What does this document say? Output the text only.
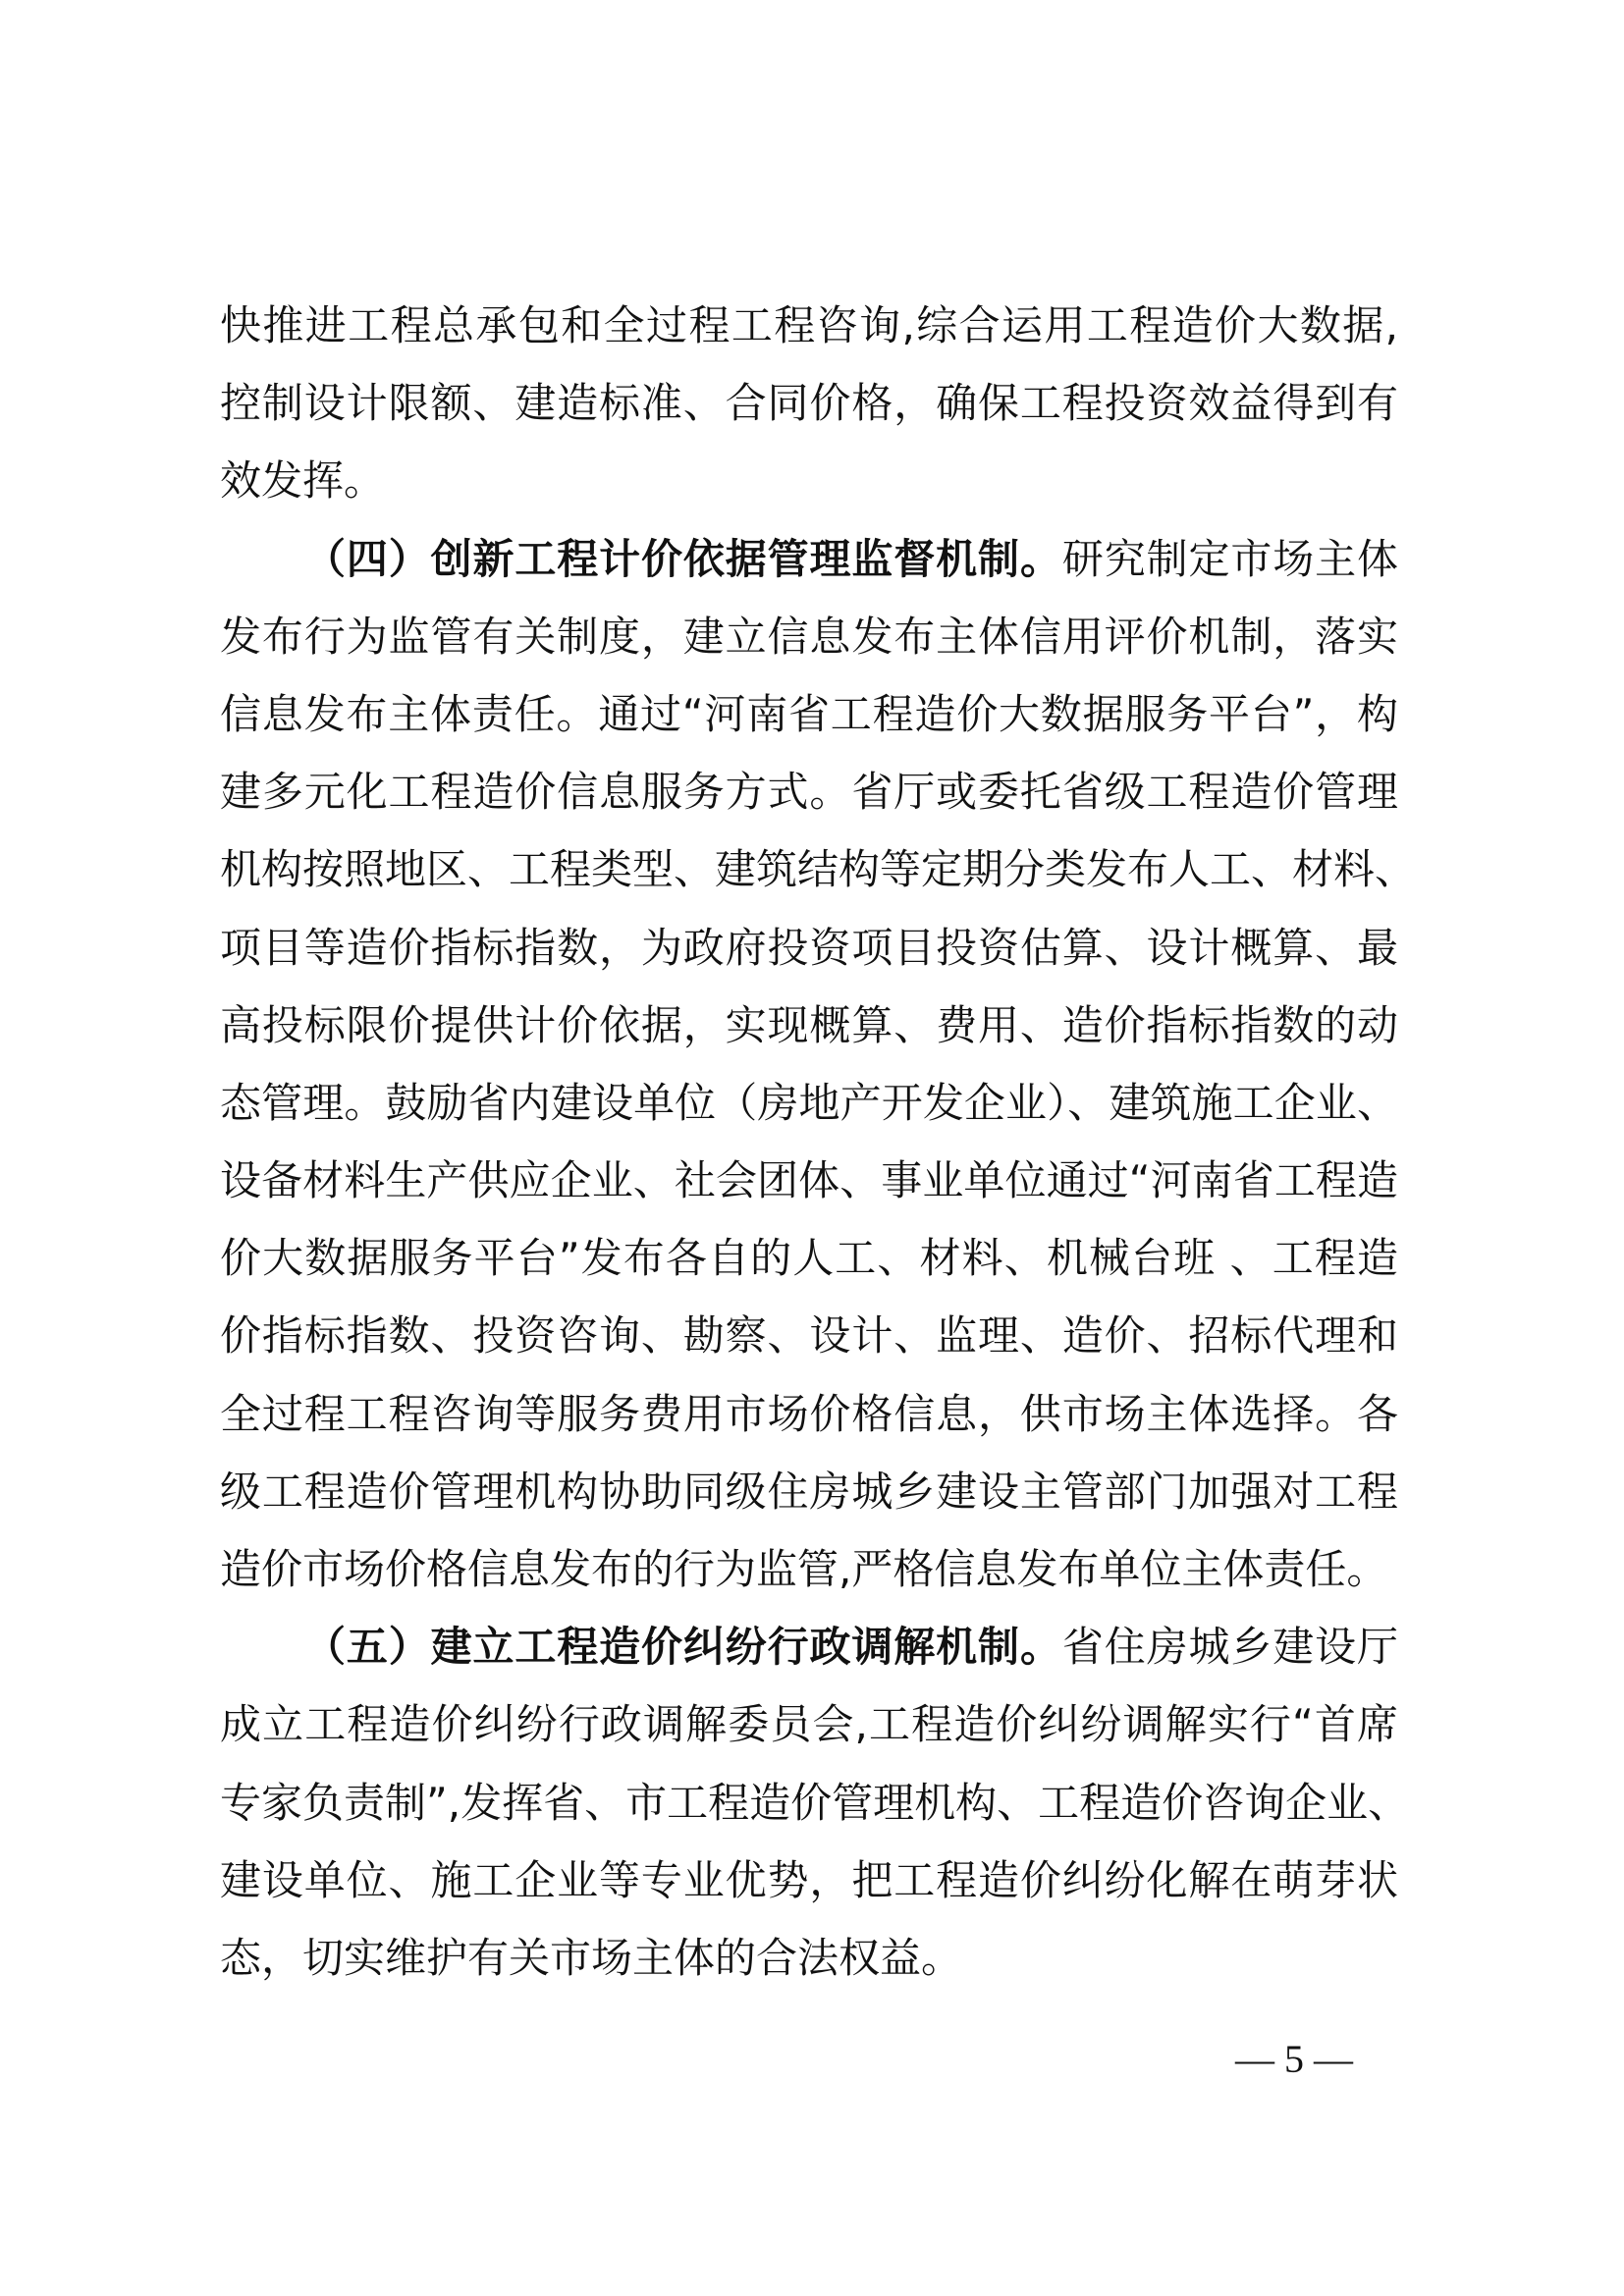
快推进工程总承包和全过程工程咨询,综合运用工程造价大数据,
控制设计限额、建造标准、合同价格，确保工程投资效益得到有
效发挥。
（四）创新工程计价依据管理监督机制。研究制定市场主体
发布行为监管有关制度，建立信息发布主体信用评价机制，落实
信息发布主体责任。通过“河南省工程造价大数据服务平台”，构
建多元化工程造价信息服务方式。省厅或委托省级工程造价管理
机构按照地区、工程类型、建筑结构等定期分类发布人工、材料、
项目等造价指标指数，为政府投资项目投资估算、设计概算、最
高投标限价提供计价依据，实现概算、费用、造价指标指数的动
态管理。鼓励省内建设单位（房地产开发企业）、建筑施工企业、
设备材料生产供应企业、社会团体、事业单位通过“河南省工程造
价大数据服务平台”发布各自的人工、材料、机械台班 、工程造
价指标指数、投资咨询、勘察、设计、监理、造价、招标代理和
全过程工程咨询等服务费用市场价格信息，供市场主体选择。各
级工程造价管理机构协助同级住房城乡建设主管部门加强对工程
造价市场价格信息发布的行为监管,严格信息发布单位主体责任。
（五）建立工程造价纠纷行政调解机制。省住房城乡建设厅
成立工程造价纠纷行政调解委员会,工程造价纠纷调解实行“首席
专家负责制”,发挥省、市工程造价管理机构、工程造价咨询企业、
建设单位、施工企业等专业优势，把工程造价纠纷化解在萌芽状
态，切实维护有关市场主体的合法权益。
— 5 —
